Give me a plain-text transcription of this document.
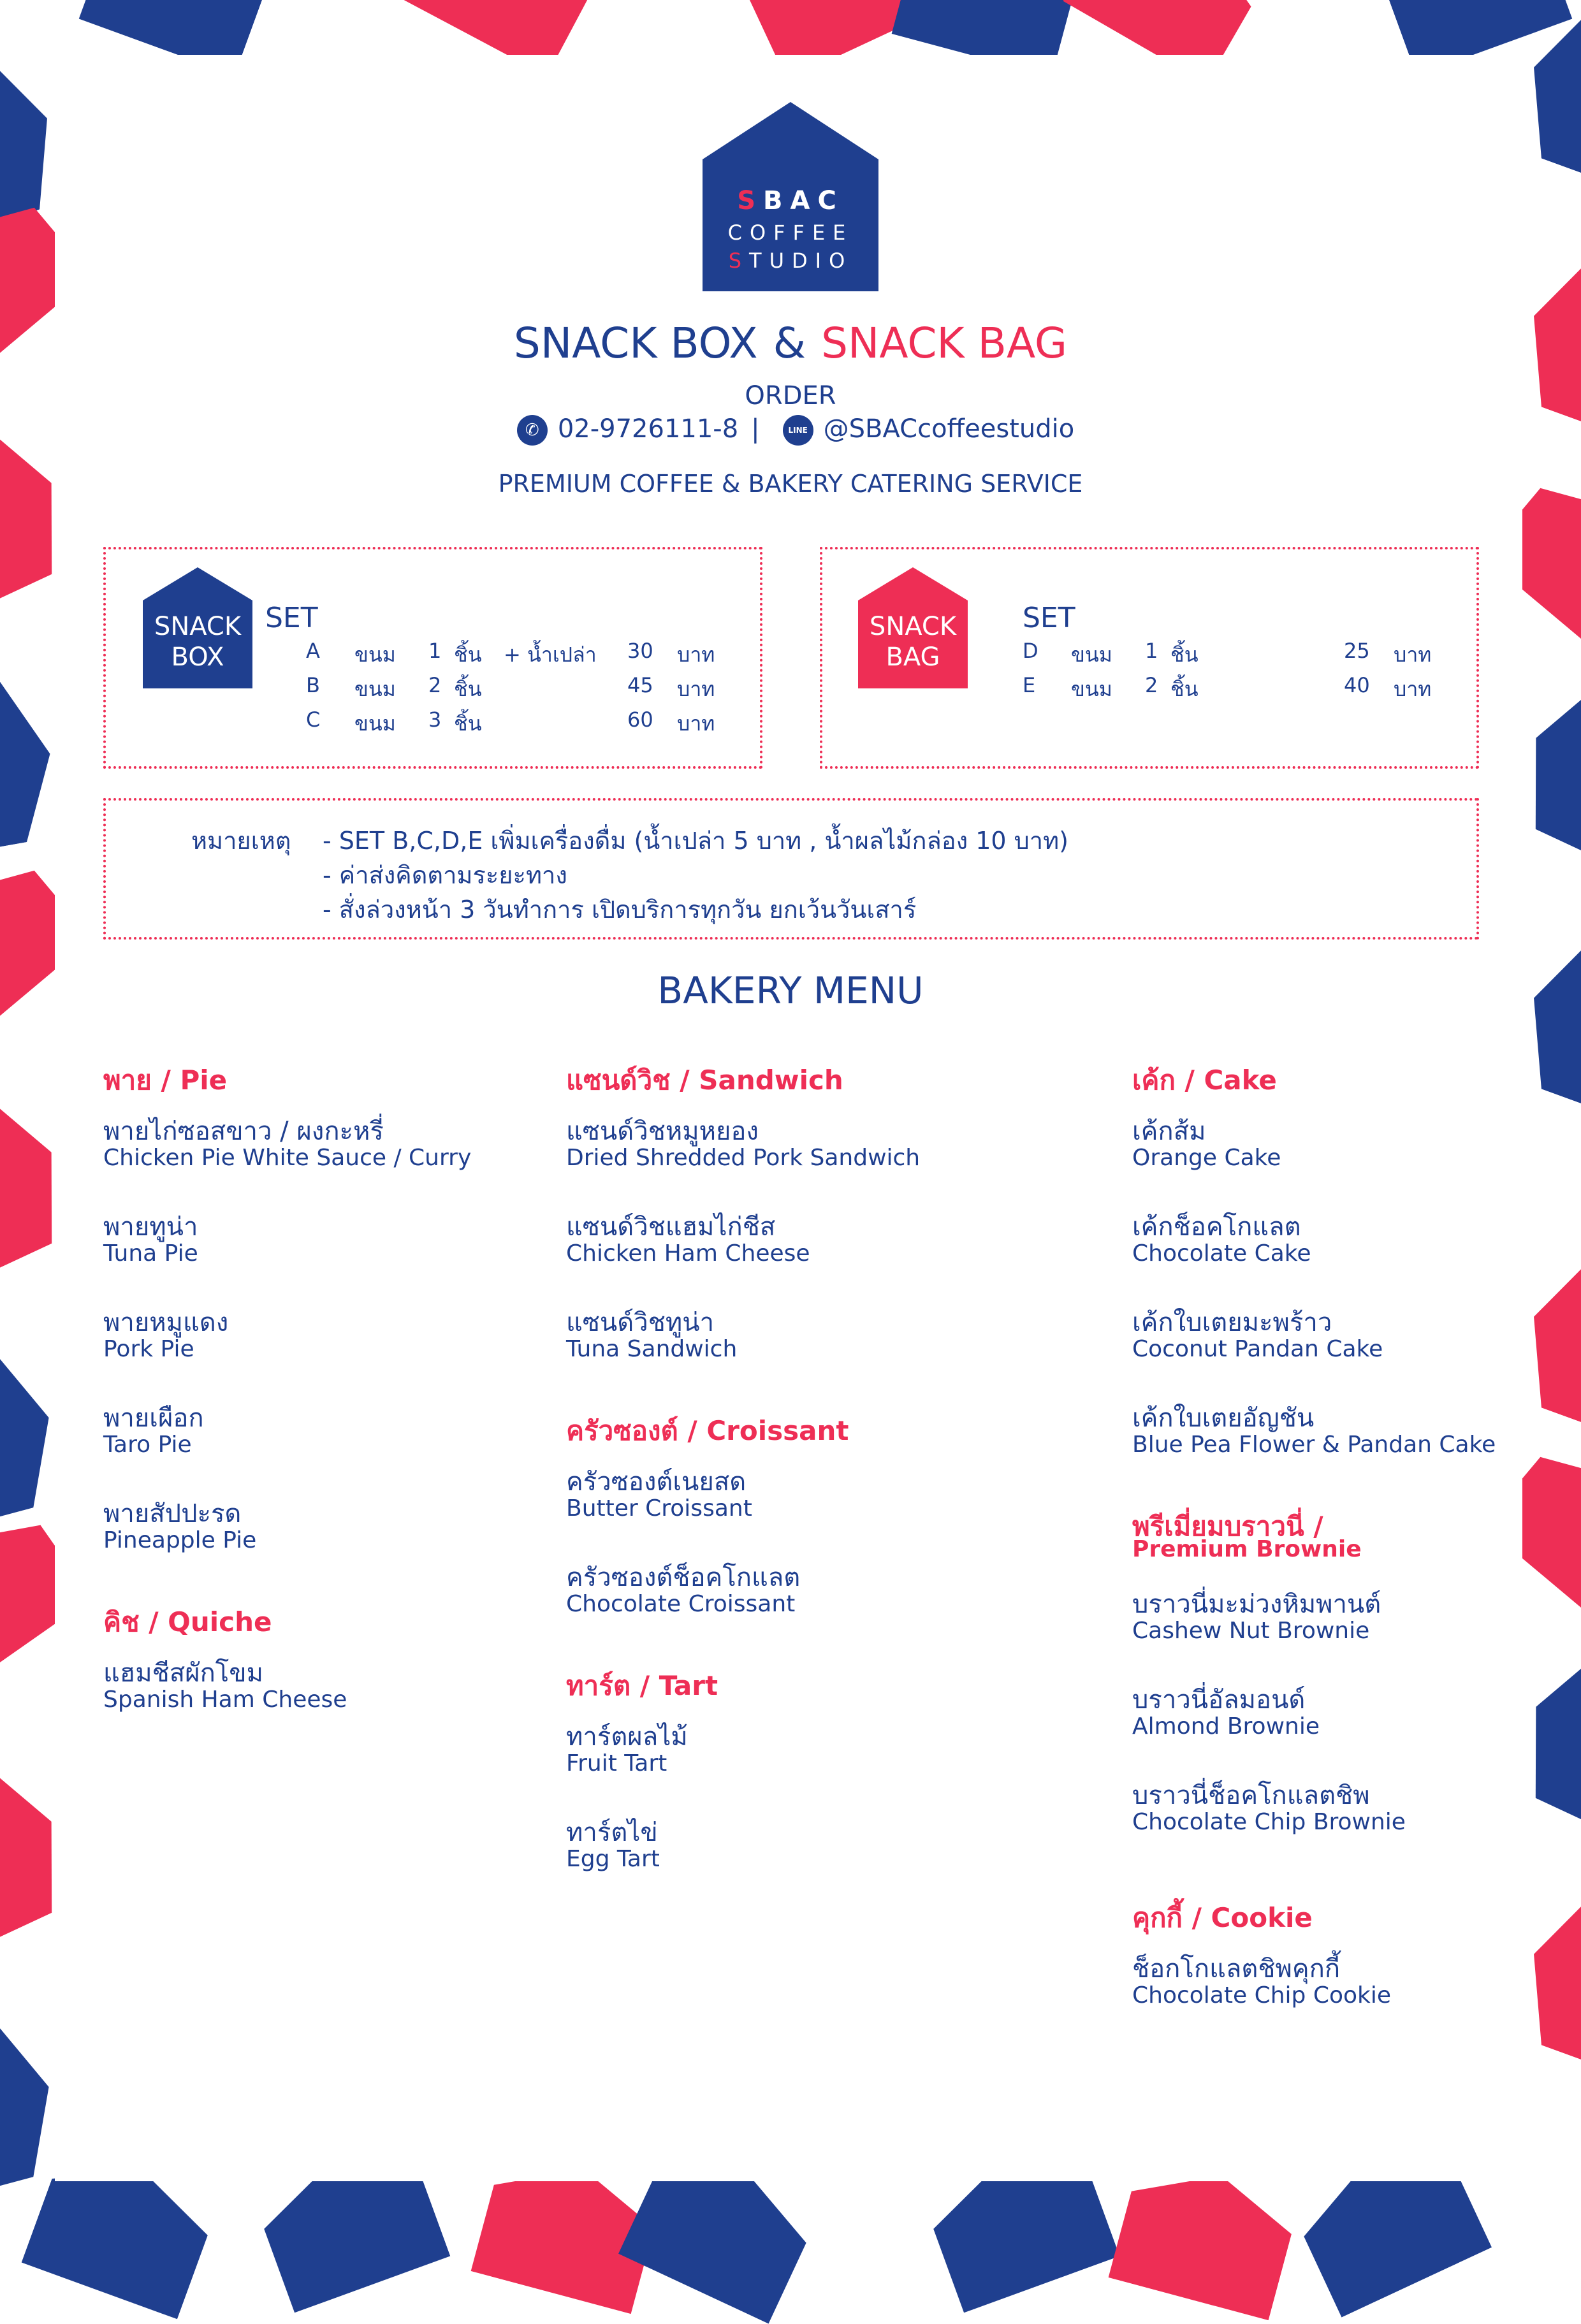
SBAC
COFFEE
STUDIO
SNACK BOX & SNACK BAG
ORDER
✆ 02-9726111-8 |	LINE @SBACcoffeestudio
PREMIUM COFFEE & BAKERY CATERING SERVICE
SNACK
BOX
SET
A ขนม 1 ชิ้น + น้ำเปล่า 30 บาท
B ขนม 2 ชิ้น	45 บาท
C ขนม 3 ชิ้น	60 บาท
SNACK
BAG
SET
D ขนม 1 ชิ้น	25 บาท
E ขนม 2 ชิ้น	40 บาท
หมายเหตุ - SET B,C,D,E เพิ่มเครื่องดื่ม (น้ำเปล่า 5 บาท , น้ำผลไม้กล่อง 10 บาท)
- ค่าส่งคิดตามระยะทาง
- สั่งล่วงหน้า 3 วันทำการ เปิดบริการทุกวัน ยกเว้นวันเสาร์
BAKERY MENU
พาย / Pie
พายไก่ซอสขาว / ผงกะหรี่
Chicken Pie White Sauce / Curry
พายทูน่า
Tuna Pie
พายหมูแดง
Pork Pie
พายเผือก
Taro Pie
พายสัปปะรด
Pineapple Pie
คิช / Quiche
แฮมชีสผักโขม
Spanish Ham Cheese
แซนด์วิช / Sandwich
แซนด์วิชหมูหยอง
Dried Shredded Pork Sandwich
แซนด์วิชแฮมไก่ชีส
Chicken Ham Cheese
แซนด์วิชทูน่า
Tuna Sandwich
ครัวซองต์ / Croissant
ครัวซองต์เนยสด
Butter Croissant
ครัวซองต์ช็อคโกแลต
Chocolate Croissant
ทาร์ต / Tart
ทาร์ตผลไม้
Fruit Tart
ทาร์ตไข่
Egg Tart
เค้ก / Cake
เค้กส้ม
Orange Cake
เค้กช็อคโกแลต
Chocolate Cake
เค้กใบเตยมะพร้าว
Coconut Pandan Cake
เค้กใบเตยอัญชัน
Blue Pea Flower & Pandan Cake
พรีเมี่ยมบราวนี่ /
Premium Brownie
บราวนี่มะม่วงหิมพานต์
Cashew Nut Brownie
บราวนี่อัลมอนด์
Almond Brownie
บราวนี่ช็อคโกแลตชิพ
Chocolate Chip Brownie
คุกกี้ / Cookie
ช็อกโกแลตชิพคุกกี้
Chocolate Chip Cookie
